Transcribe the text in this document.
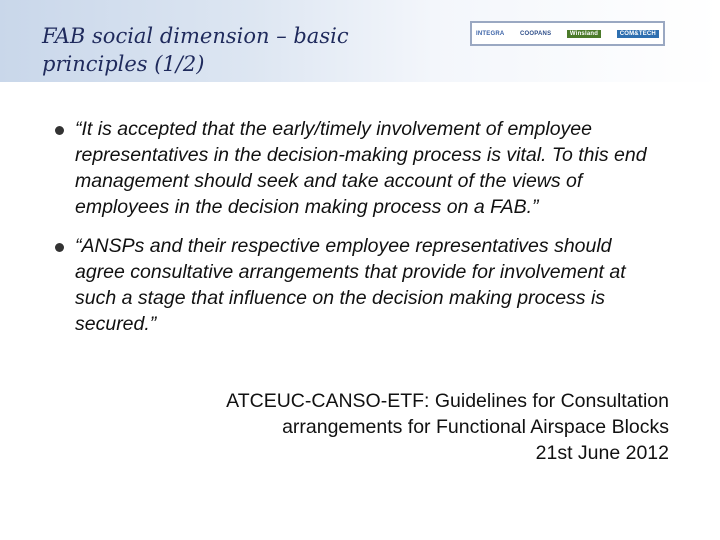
FAB social dimension – basic
principles (1/2)
INTEGRA	COOPANS	Winsland	COM&TECH
“It is accepted that the early/timely involvement of employee representatives in the decision-making process is vital. To this end management should seek and take account of the views of employees in the decision making process on a FAB.”
“ANSPs and their respective employee representatives should agree consultative arrangements that provide for involvement at such a stage that influence on the decision making process is secured.”
ATCEUC-CANSO-ETF: Guidelines for Consultation
arrangements for Functional Airspace Blocks
21st June 2012
